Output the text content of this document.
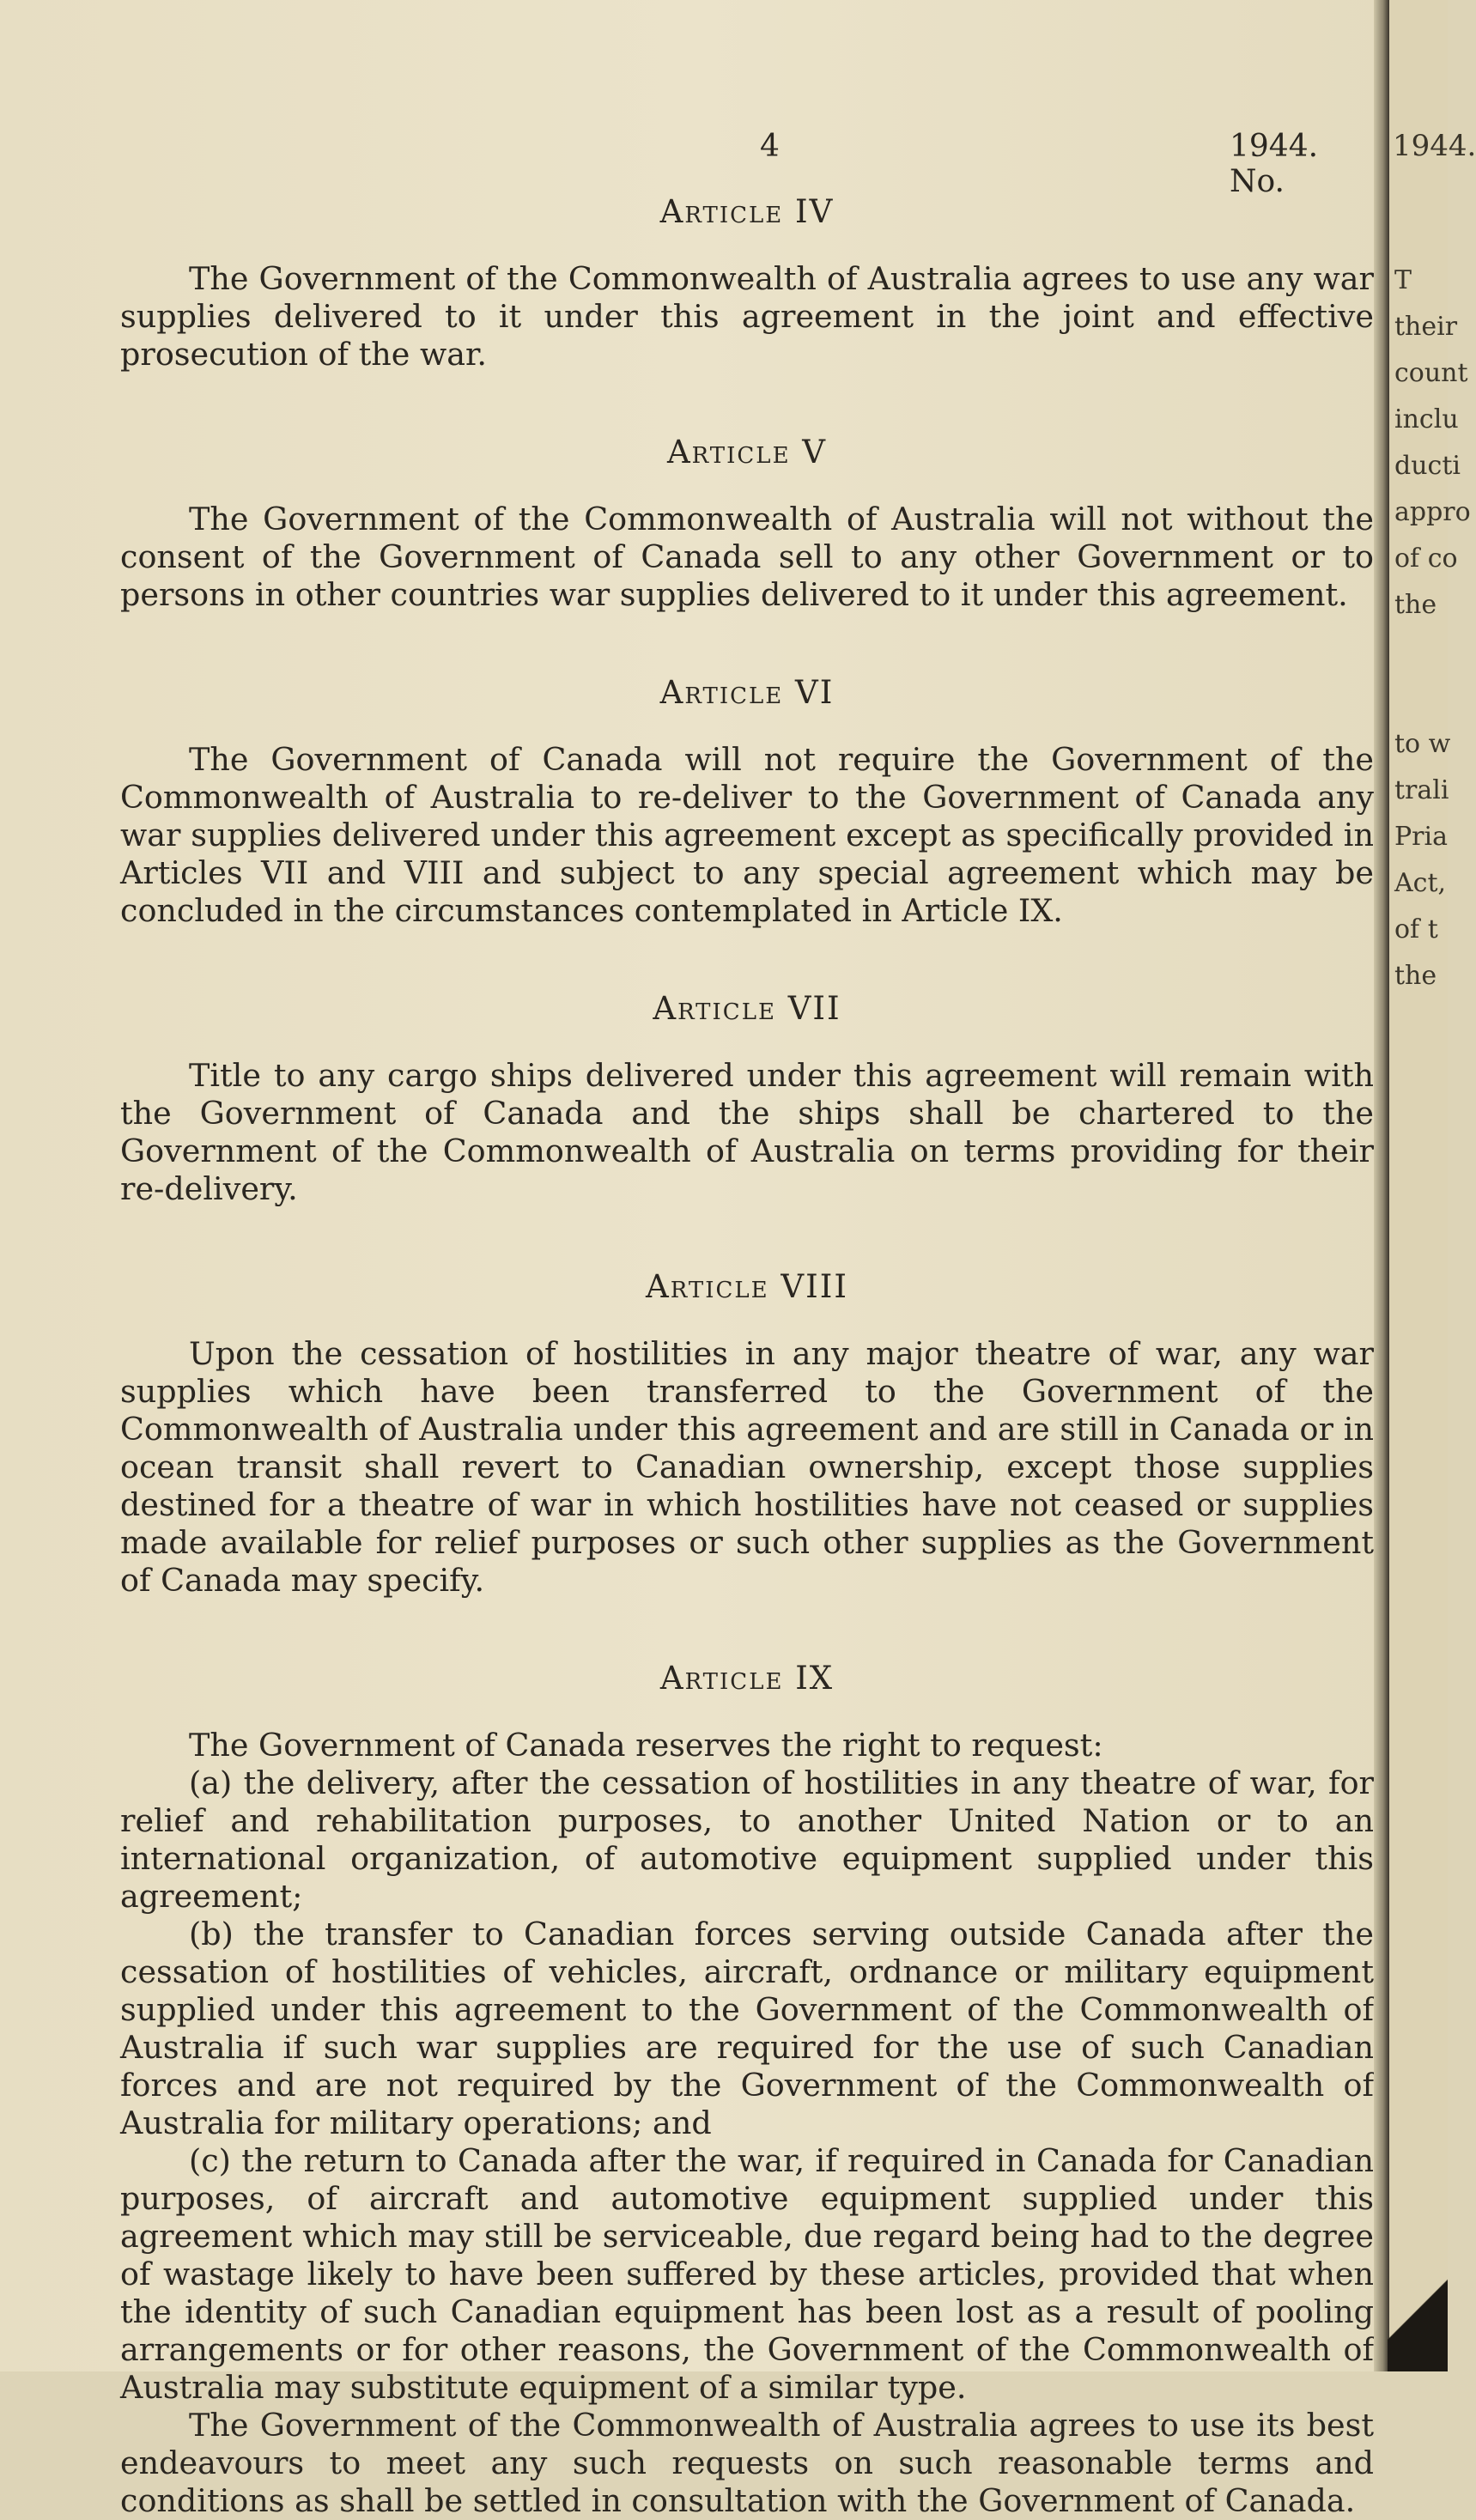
4	1944. No.
Article IV

The Government of the Commonwealth of Australia agrees to use any war supplies delivered to it under this agreement in the joint and effective prosecution of the war.

Article V

The Government of the Commonwealth of Australia will not without the consent of the Government of Canada sell to any other Government or to persons in other countries war supplies delivered to it under this agreement.

Article VI

The Government of Canada will not require the Government of the Commonwealth of Australia to re-deliver to the Government of Canada any war supplies delivered under this agreement except as specifically provided in Articles VII and VIII and subject to any special agreement which may be concluded in the circumstances contemplated in Article IX.

Article VII

Title to any cargo ships delivered under this agreement will remain with the Government of Canada and the ships shall be chartered to the Government of the Commonwealth of Australia on terms providing for their re-delivery.

Article VIII

Upon the cessation of hostilities in any major theatre of war, any war supplies which have been transferred to the Government of the Commonwealth of Australia under this agreement and are still in Canada or in ocean transit shall revert to Canadian ownership, except those supplies destined for a theatre of war in which hostilities have not ceased or supplies made available for relief purposes or such other supplies as the Government of Canada may specify.

Article IX

The Government of Canada reserves the right to request:

(a) the delivery, after the cessation of hostilities in any theatre of war, for relief and rehabilitation purposes, to another United Nation or to an international organization, of automotive equipment supplied under this agreement;

(b) the transfer to Canadian forces serving outside Canada after the cessation of hostilities of vehicles, aircraft, ordnance or military equipment supplied under this agreement to the Government of the Commonwealth of Australia if such war supplies are required for the use of such Canadian forces and are not required by the Government of the Commonwealth of Australia for military operations; and

(c) the return to Canada after the war, if required in Canada for Canadian purposes, of aircraft and automotive equipment supplied under this agreement which may still be serviceable, due regard being had to the degree of wastage likely to have been suffered by these articles, provided that when the identity of such Canadian equipment has been lost as a result of pooling arrangements or for other reasons, the Government of the Commonwealth of Australia may substitute equipment of a similar type.

The Government of the Commonwealth of Australia agrees to use its best endeavours to meet any such requests on such reasonable terms and conditions as shall be settled in consultation with the Government of Canada.

1944.
T
their
count
inclu
ducti
appro
of co
the

to w
trali
Pria
Act,
of t
the
